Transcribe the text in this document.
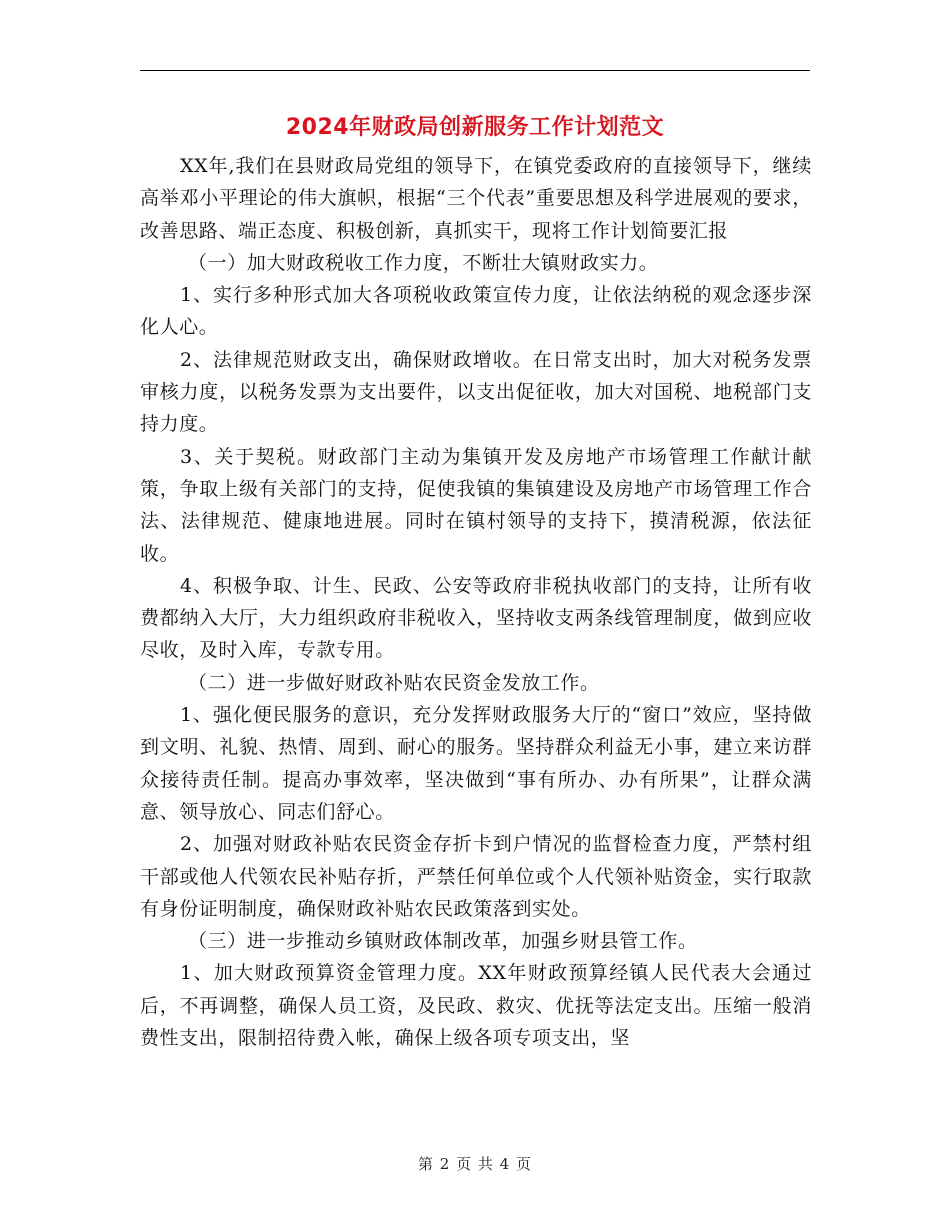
2024年财政局创新服务工作计划范文

XX年,我们在县财政局党组的领导下，在镇党委政府的直接领导下，继续高举邓小平理论的伟大旗帜，根据“三个代表”重要思想及科学进展观的要求，改善思路、端正态度、积极创新，真抓实干，现将工作计划简要汇报

（一）加大财政税收工作力度，不断壮大镇财政实力。

1、实行多种形式加大各项税收政策宣传力度，让依法纳税的观念逐步深化人心。

2、法律规范财政支出，确保财政增收。在日常支出时，加大对税务发票审核力度，以税务发票为支出要件，以支出促征收，加大对国税、地税部门支持力度。

3、关于契税。财政部门主动为集镇开发及房地产市场管理工作献计献策，争取上级有关部门的支持，促使我镇的集镇建设及房地产市场管理工作合法、法律规范、健康地进展。同时在镇村领导的支持下，摸清税源，依法征收。

4、积极争取、计生、民政、公安等政府非税执收部门的支持，让所有收费都纳入大厅，大力组织政府非税收入，坚持收支两条线管理制度，做到应收尽收，及时入库，专款专用。

（二）进一步做好财政补贴农民资金发放工作。

1、强化便民服务的意识，充分发挥财政服务大厅的“窗口”效应，坚持做到文明、礼貌、热情、周到、耐心的服务。坚持群众利益无小事，建立来访群众接待责任制。提高办事效率，坚决做到“事有所办、办有所果”，让群众满意、领导放心、同志们舒心。

2、加强对财政补贴农民资金存折卡到户情况的监督检查力度，严禁村组干部或他人代领农民补贴存折，严禁任何单位或个人代领补贴资金，实行取款有身份证明制度，确保财政补贴农民政策落到实处。

（三）进一步推动乡镇财政体制改革，加强乡财县管工作。

1、加大财政预算资金管理力度。XX年财政预算经镇人民代表大会通过后，不再调整，确保人员工资，及民政、救灾、优抚等法定支出。压缩一般消费性支出，限制招待费入帐，确保上级各项专项支出，坚

第 2 页 共 4 页
